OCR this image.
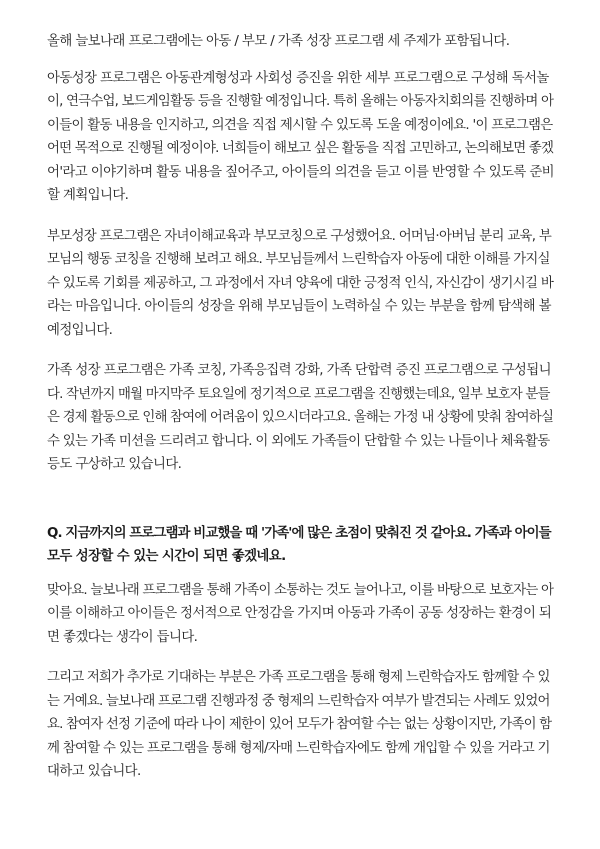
올해 늘보나래 프로그램에는 아동 / 부모 / 가족 성장 프로그램 세 주제가 포함됩니다.

아동성장 프로그램은 아동관계형성과 사회성 증진을 위한 세부 프로그램으로 구성해 독서놀
이, 연극수업, 보드게임활동 등을 진행할 예정입니다. 특히 올해는 아동자치회의를 진행하며 아
이들이 활동 내용을 인지하고, 의견을 직접 제시할 수 있도록 도울 예정이에요. '이 프로그램은
어떤 목적으로 진행될 예정이야. 너희들이 해보고 싶은 활동을 직접 고민하고, 논의해보면 좋겠
어'라고 이야기하며 활동 내용을 짚어주고, 아이들의 의견을 듣고 이를 반영할 수 있도록 준비
할 계획입니다.

부모성장 프로그램은 자녀이해교육과 부모코칭으로 구성했어요. 어머님·아버님 분리 교육, 부
모님의 행동 코칭을 진행해 보려고 해요. 부모님들께서 느린학습자 아동에 대한 이해를 가지실
수 있도록 기회를 제공하고, 그 과정에서 자녀 양육에 대한 긍정적 인식, 자신감이 생기시길 바
라는 마음입니다. 아이들의 성장을 위해 부모님들이 노력하실 수 있는 부분을 함께 탐색해 볼
예정입니다.

가족 성장 프로그램은 가족 코칭, 가족응집력 강화, 가족 단합력 증진 프로그램으로 구성됩니
다. 작년까지 매월 마지막주 토요일에 정기적으로 프로그램을 진행했는데요, 일부 보호자 분들
은 경제 활동으로 인해 참여에 어려움이 있으시더라고요. 올해는 가정 내 상황에 맞춰 참여하실
수 있는 가족 미션을 드리려고 합니다. 이 외에도 가족들이 단합할 수 있는 나들이나 체육활동
등도 구상하고 있습니다.

Q. 지금까지의 프로그램과 비교했을 때 '가족'에 많은 초점이 맞춰진 것 같아요. 가족과 아이들
모두 성장할 수 있는 시간이 되면 좋겠네요.

맞아요. 늘보나래 프로그램을 통해 가족이 소통하는 것도 늘어나고, 이를 바탕으로 보호자는 아
이를 이해하고 아이들은 정서적으로 안정감을 가지며 아동과 가족이 공동 성장하는 환경이 되
면 좋겠다는 생각이 듭니다.

그리고 저희가 추가로 기대하는 부분은 가족 프로그램을 통해 형제 느린학습자도 함께할 수 있
는 거예요. 늘보나래 프로그램 진행과정 중 형제의 느린학습자 여부가 발견되는 사례도 있었어
요. 참여자 선정 기준에 따라 나이 제한이 있어 모두가 참여할 수는 없는 상황이지만, 가족이 함
께 참여할 수 있는 프로그램을 통해 형제/자매 느린학습자에도 함께 개입할 수 있을 거라고 기
대하고 있습니다.
